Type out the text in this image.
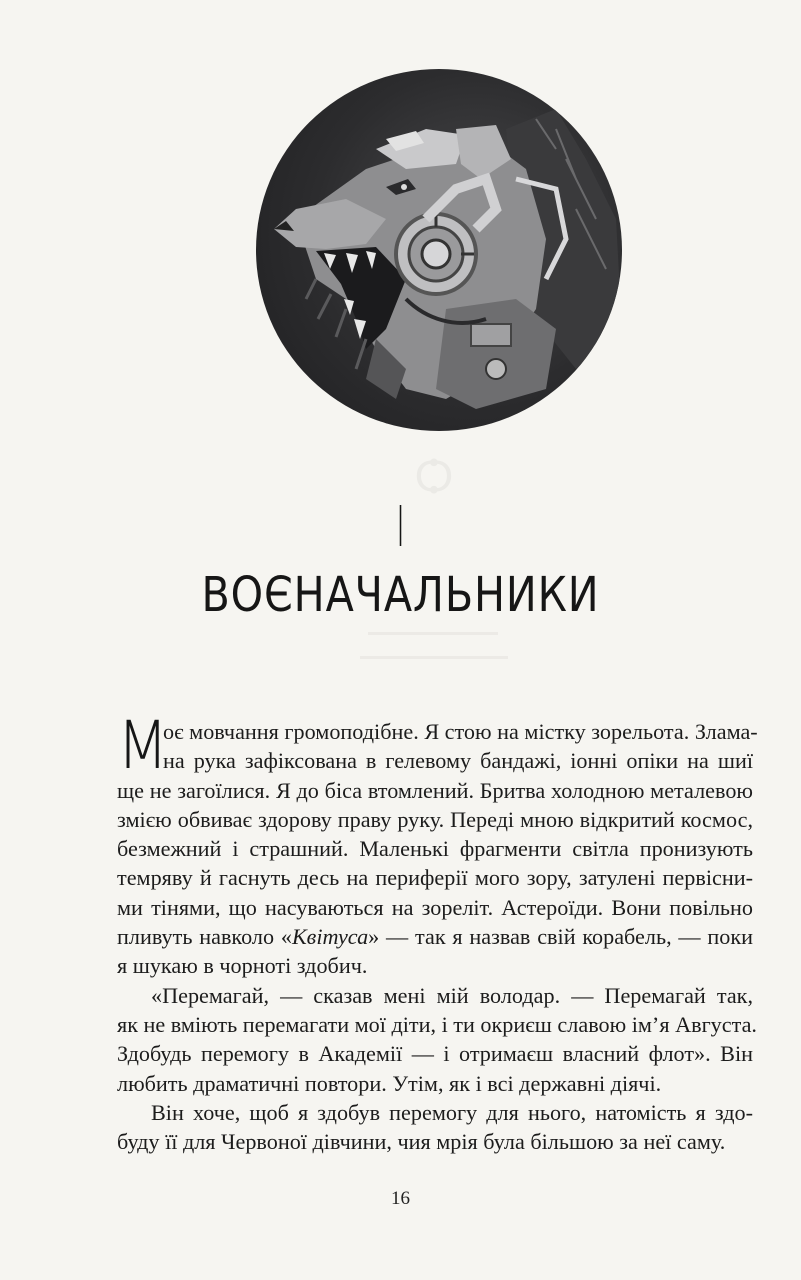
Ѻ
I
ВОЄНАЧАЛЬНИКИ
М
оє мовчання громоподібне. Я стою на містку зорельота. Злама-
на рука зафіксована в гелевому бандажі, іонні опіки на шиї
ще не загоїлися. Я до біса втомлений. Бритва холодною металевою
змією обвиває здорову праву руку. Переді мною відкритий космос,
безмежний і страшний. Маленькі фрагменти світла пронизують
темряву й гаснуть десь на периферії мого зору, затулені первісни-
ми тінями, що насуваються на зореліт. Астероїди. Вони повільно
пливуть навколо «Квітуса» — так я назвав свій корабель, — поки
я шукаю в чорноті здобич.
«Перемагай, — сказав мені мій володар. — Перемагай так,
як не вміють перемагати мої діти, і ти окриєш славою ім’я Августа.
Здобудь перемогу в Академії — і отримаєш власний флот». Він
любить драматичні повтори. Утім, як і всі державні діячі.
Він хоче, щоб я здобув перемогу для нього, натомість я здо-
буду її для Червоної дівчини, чия мрія була більшою за неї саму.
16
